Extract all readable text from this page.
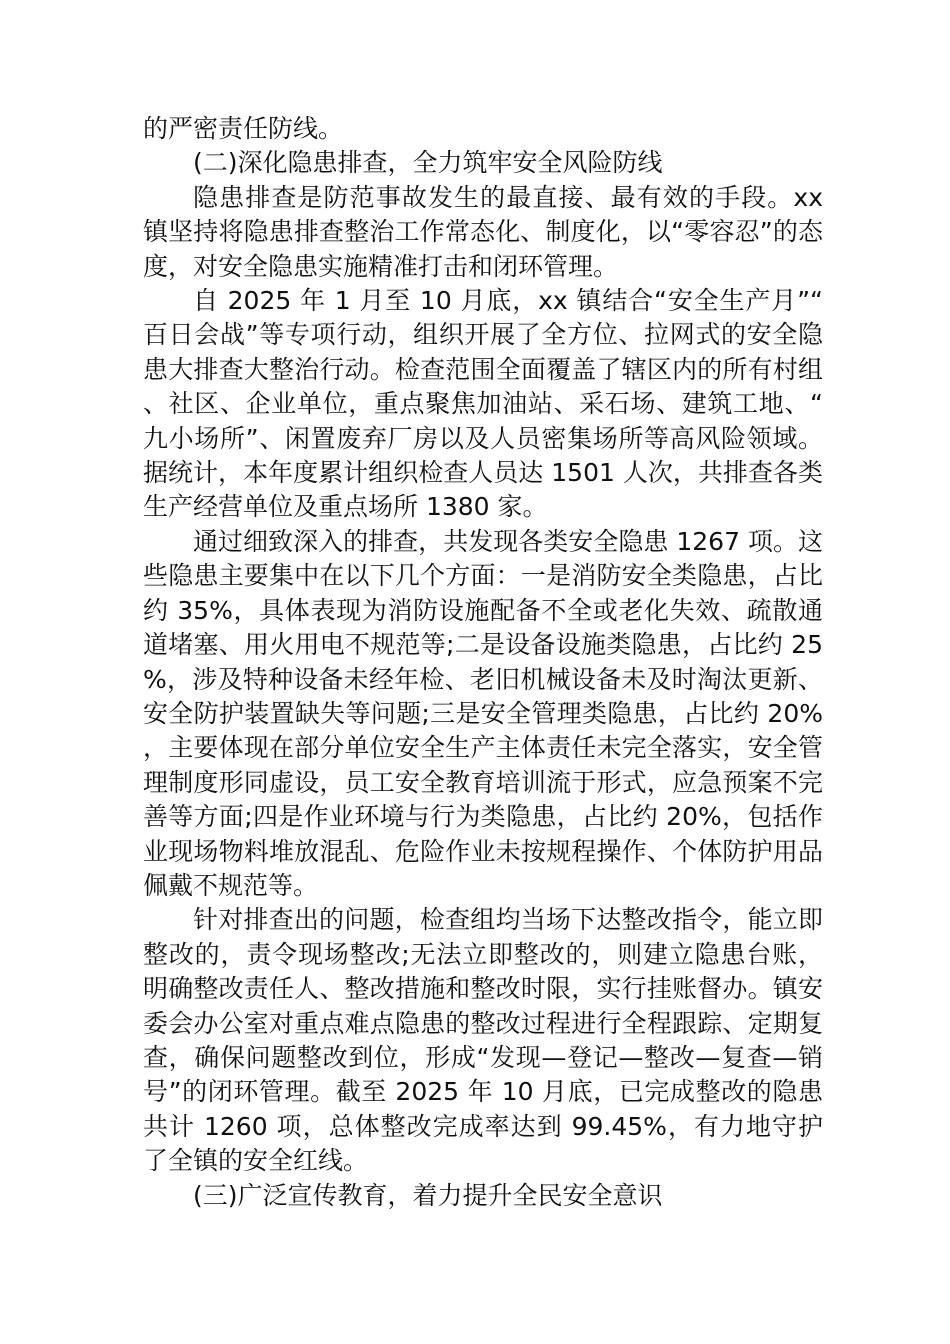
的严密责任防线。

(二)深化隐患排查，全力筑牢安全风险防线

隐患排查是防范事故发生的最直接、最有效的手段。xx 镇坚持将隐患排查整治工作常态化、制度化，以“零容忍”的态度，对安全隐患实施精准打击和闭环管理。

自 2025 年 1 月至 10 月底，xx 镇结合“安全生产月”“百日会战”等专项行动，组织开展了全方位、拉网式的安全隐患大排查大整治行动。检查范围全面覆盖了辖区内的所有村组、社区、企业单位，重点聚焦加油站、采石场、建筑工地、“九小场所”、闲置废弃厂房以及人员密集场所等高风险领域。据统计，本年度累计组织检查人员达 1501 人次，共排查各类生产经营单位及重点场所 1380 家。

通过细致深入的排查，共发现各类安全隐患 1267 项。这些隐患主要集中在以下几个方面：一是消防安全类隐患，占比约 35%，具体表现为消防设施配备不全或老化失效、疏散通道堵塞、用火用电不规范等;二是设备设施类隐患，占比约 25%，涉及特种设备未经年检、老旧机械设备未及时淘汰更新、安全防护装置缺失等问题;三是安全管理类隐患，占比约 20%，主要体现在部分单位安全生产主体责任未完全落实，安全管理制度形同虚设，员工安全教育培训流于形式，应急预案不完善等方面;四是作业环境与行为类隐患，占比约 20%，包括作业现场物料堆放混乱、危险作业未按规程操作、个体防护用品佩戴不规范等。

针对排查出的问题，检查组均当场下达整改指令，能立即整改的，责令现场整改;无法立即整改的，则建立隐患台账，明确整改责任人、整改措施和整改时限，实行挂账督办。镇安委会办公室对重点难点隐患的整改过程进行全程跟踪、定期复查，确保问题整改到位，形成“发现—登记—整改—复查—销号”的闭环管理。截至 2025 年 10 月底，已完成整改的隐患共计 1260 项，总体整改完成率达到 99.45%，有力地守护了全镇的安全红线。

(三)广泛宣传教育，着力提升全民安全意识
